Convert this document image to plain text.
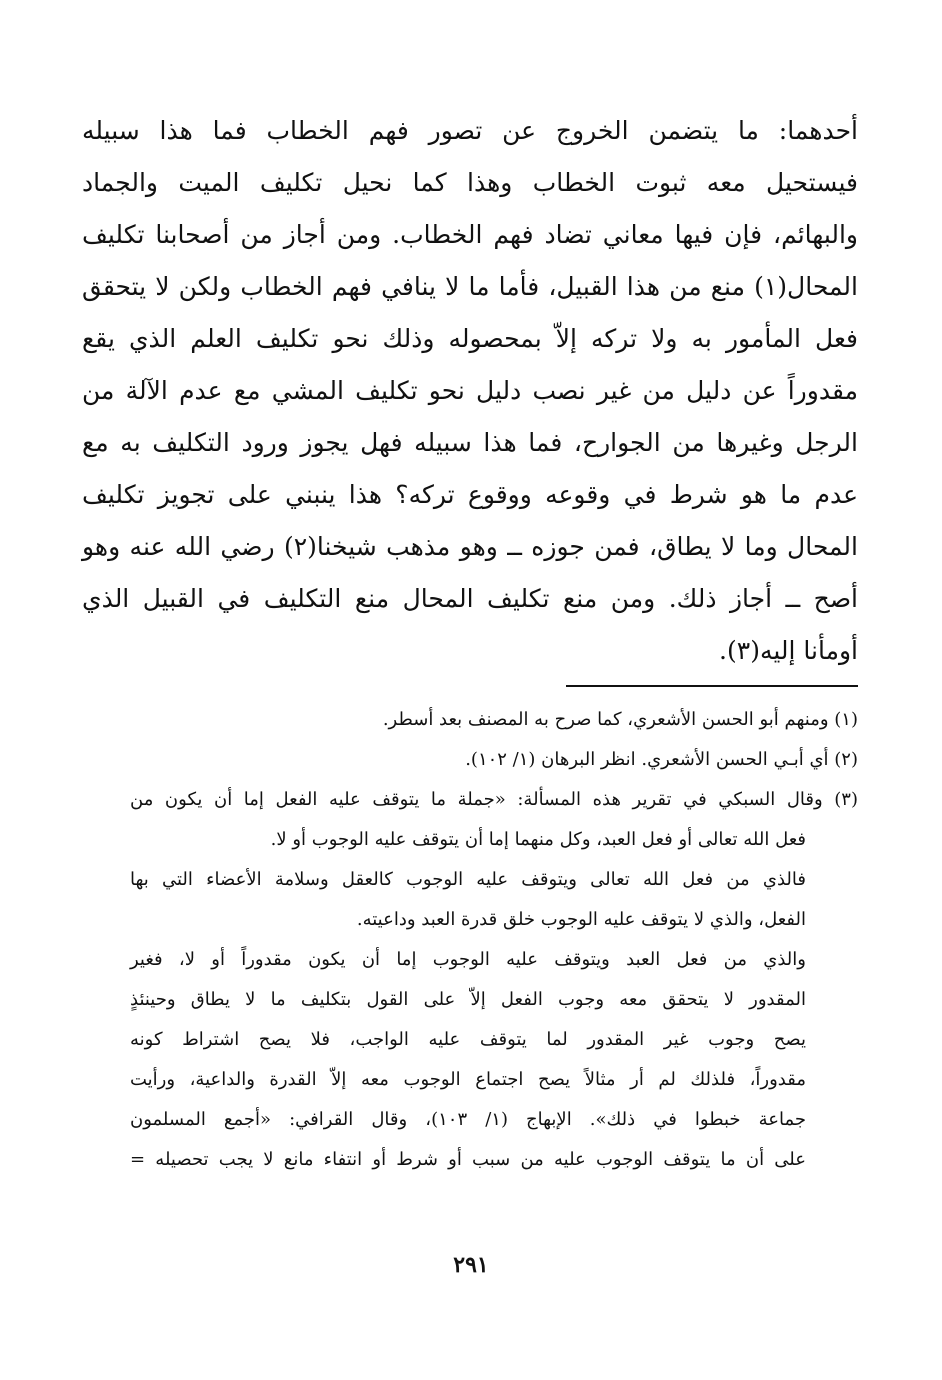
أحدهما: ما يتضمن الخروج عن تصور فهم الخطاب فما هذا سبيله
فيستحيل معه ثبوت الخطاب وهذا كما نحيل تكليف الميت والجماد
والبهائم، فإن فيها معاني تضاد فهم الخطاب. ومن أجاز من أصحابنا تكليف
المحال(١) منع من هذا القبيل، فأما ما لا ينافي فهم الخطاب ولكن لا يتحقق
فعل المأمور به ولا تركه إلاّ بمحصوله وذلك نحو تكليف العلم الذي يقع
مقدوراً عن دليل من غير نصب دليل نحو تكليف المشي مع عدم الآلة من
الرجل وغيرها من الجوارح، فما هذا سبيله فهل يجوز ورود التكليف به مع
عدم ما هو شرط في وقوعه ووقوع تركه؟ هذا ينبني على تجويز تكليف
المحال وما لا يطاق، فمن جوزه ــ وهو مذهب شيخنا(٢) رضي الله عنه وهو
أصح ــ أجاز ذلك. ومن منع تكليف المحال منع التكليف في القبيل الذي
أومأنا إليه(٣).
(١) ومنهم أبو الحسن الأشعري، كما صرح به المصنف بعد أسطر.
(٢) أي أبـي الحسن الأشعري. انظر البرهان (١/ ١٠٢).
(٣) وقال السبكي في تقرير هذه المسألة: «جملة ما يتوقف عليه الفعل إما أن يكون من
فعل الله تعالى أو فعل العبد، وكل منهما إما أن يتوقف عليه الوجوب أو لا.
فالذي من فعل الله تعالى ويتوقف عليه الوجوب كالعقل وسلامة الأعضاء التي بها
الفعل، والذي لا يتوقف عليه الوجوب خلق قدرة العبد وداعيته.
والذي من فعل العبد ويتوقف عليه الوجوب إما أن يكون مقدوراً أو لا، فغير
المقدور لا يتحقق معه وجوب الفعل إلاّ على القول بتكليف ما لا يطاق وحينئذٍ
يصح وجوب غير المقدور لما يتوقف عليه الواجب، فلا يصح اشتراط كونه
مقدوراً، فلذلك لم أر مثالاً يصح اجتماع الوجوب معه إلاّ القدرة والداعية، ورأيت
جماعة خبطوا في ذلك». الإبهاج (١/ ١٠٣)، وقال القرافي: «أجمع المسلمون
على أن ما يتوقف الوجوب عليه من سبب أو شرط أو انتفاء مانع لا يجب تحصيله =
٢٩١
